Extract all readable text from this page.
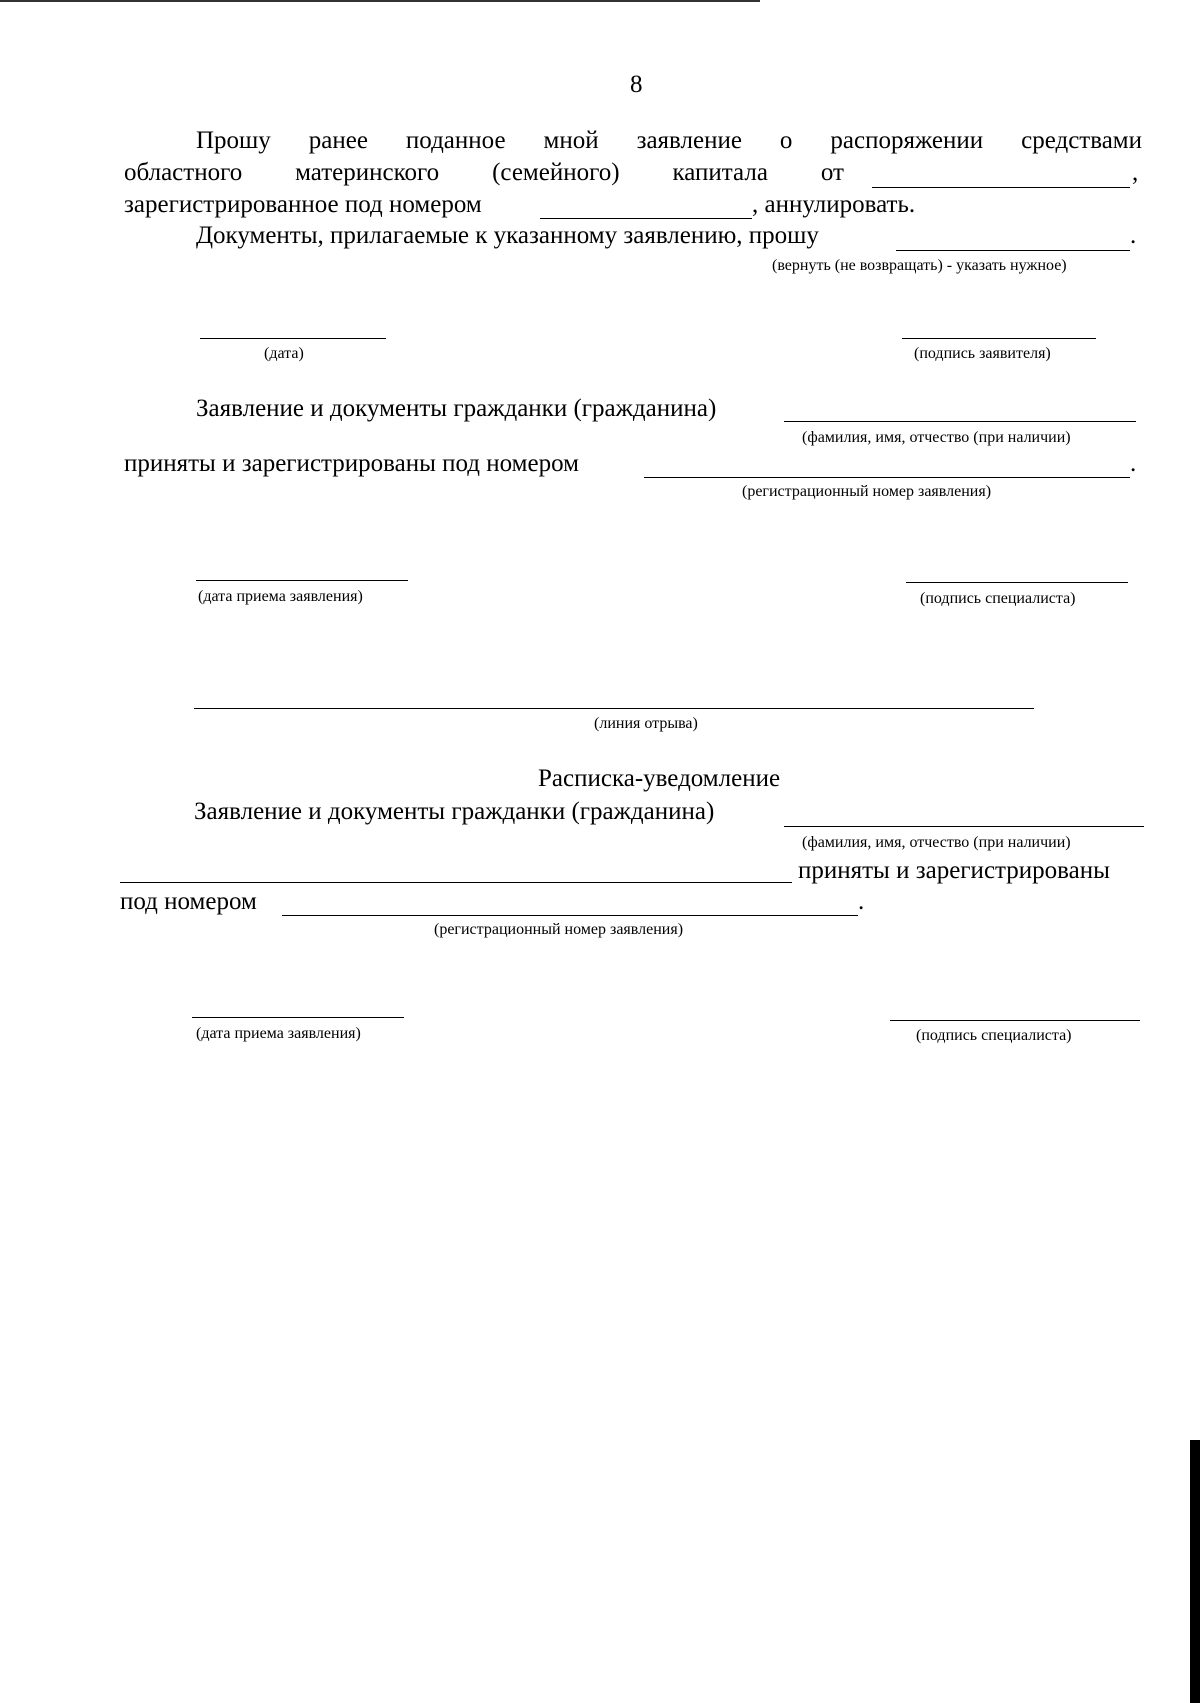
8
Прошу ранее поданное мной заявление о распоряжении средствами
областного материнского (семейного) капитала от	,
зарегистрированное под номером	, аннулировать.
Документы, прилагаемые к указанному заявлению, прошу	.
(вернуть (не возвращать) - указать нужное)
(дата)	(подпись заявителя)
Заявление и документы гражданки (гражданина)
(фамилия, имя, отчество (при наличии)
приняты и зарегистрированы под номером	.
(регистрационный номер заявления)
(дата приема заявления)	(подпись специалиста)
(линия отрыва)
Расписка-уведомление
Заявление и документы гражданки (гражданина)
(фамилия, имя, отчество (при наличии)
приняты и зарегистрированы
под номером	.
(регистрационный номер заявления)
(дата приема заявления)	(подпись специалиста)
